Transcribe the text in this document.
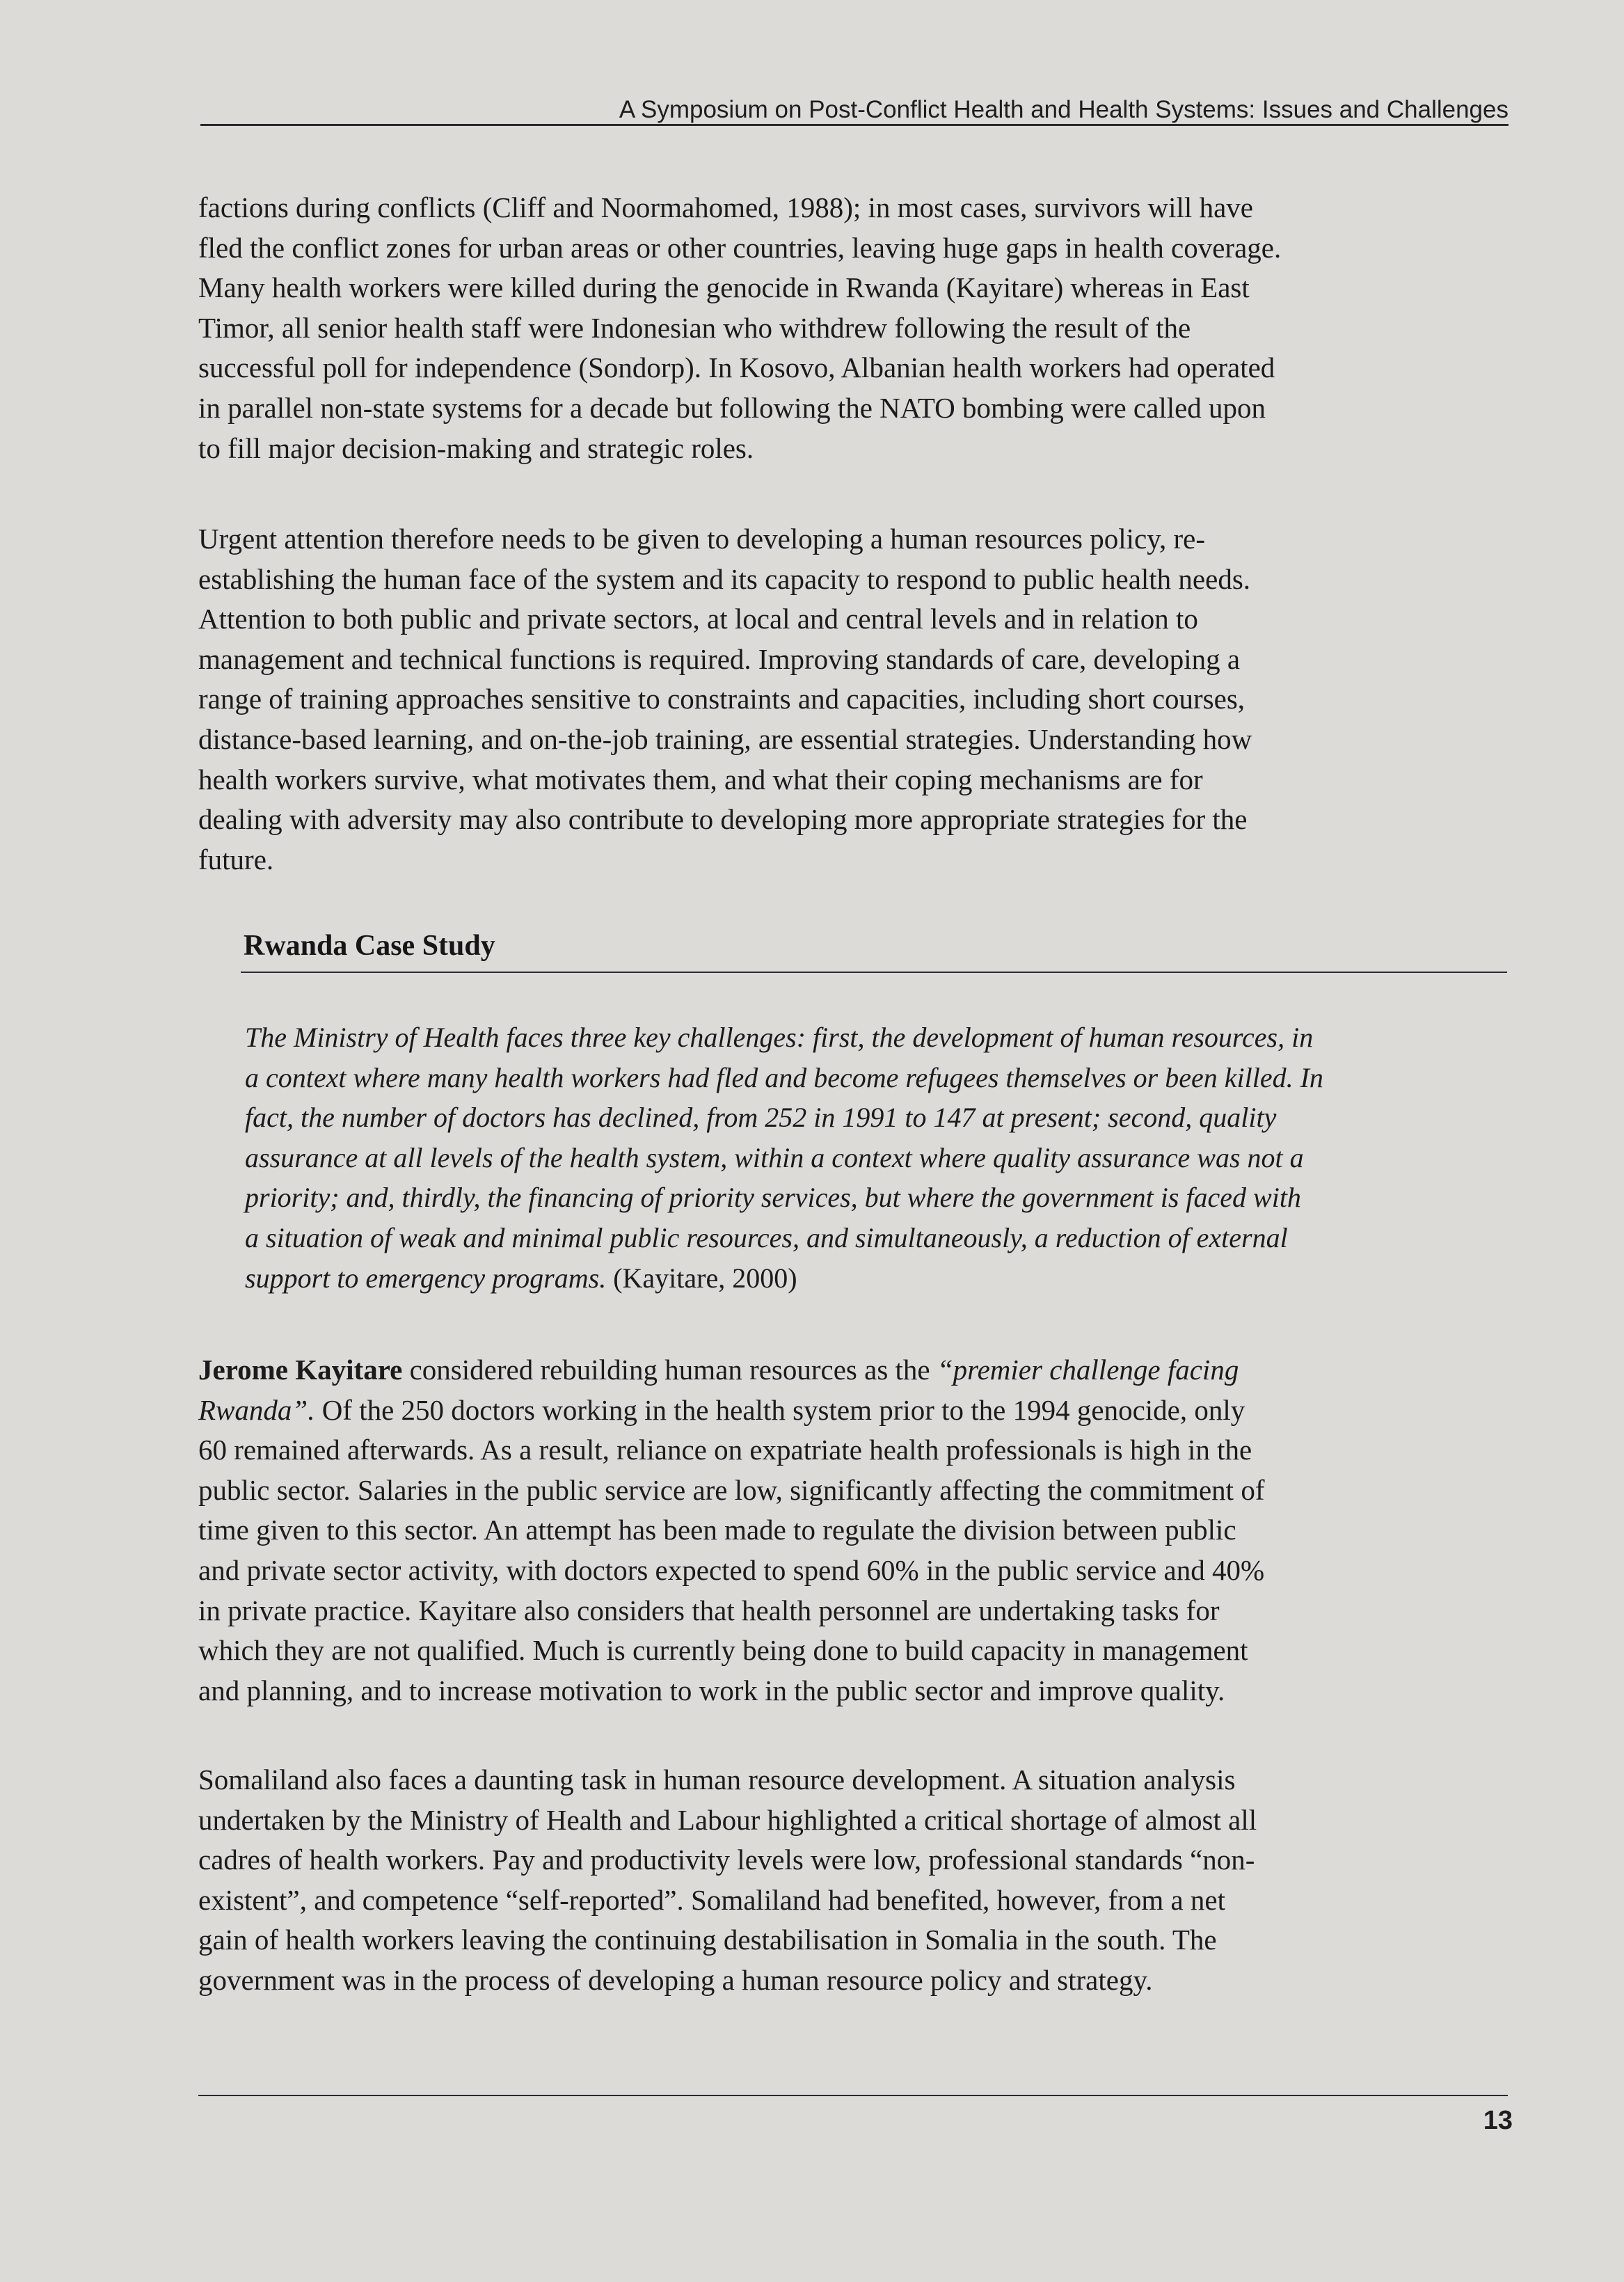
A Symposium on Post-Conflict Health and Health Systems: Issues and Challenges

factions during conflicts (Cliff and Noormahomed, 1988); in most cases, survivors will have
fled the conflict zones for urban areas or other countries, leaving huge gaps in health coverage.
Many health workers were killed during the genocide in Rwanda (Kayitare) whereas in East
Timor, all senior health staff were Indonesian who withdrew following the result of the
successful poll for independence (Sondorp). In Kosovo, Albanian health workers had operated
in parallel non-state systems for a decade but following the NATO bombing were called upon
to fill major decision-making and strategic roles.

Urgent attention therefore needs to be given to developing a human resources policy, re-
establishing the human face of the system and its capacity to respond to public health needs.
Attention to both public and private sectors, at local and central levels and in relation to
management and technical functions is required. Improving standards of care, developing a
range of training approaches sensitive to constraints and capacities, including short courses,
distance-based learning, and on-the-job training, are essential strategies. Understanding how
health workers survive, what motivates them, and what their coping mechanisms are for
dealing with adversity may also contribute to developing more appropriate strategies for the
future.

Rwanda Case Study

The Ministry of Health faces three key challenges: first, the development of human resources, in
a context where many health workers had fled and become refugees themselves or been killed. In
fact, the number of doctors has declined, from 252 in 1991 to 147 at present; second, quality
assurance at all levels of the health system, within a context where quality assurance was not a
priority; and, thirdly, the financing of priority services, but where the government is faced with
a situation of weak and minimal public resources, and simultaneously, a reduction of external
support to emergency programs. (Kayitare, 2000)

Jerome Kayitare considered rebuilding human resources as the “premier challenge facing
Rwanda”. Of the 250 doctors working in the health system prior to the 1994 genocide, only
60 remained afterwards. As a result, reliance on expatriate health professionals is high in the
public sector. Salaries in the public service are low, significantly affecting the commitment of
time given to this sector. An attempt has been made to regulate the division between public
and private sector activity, with doctors expected to spend 60% in the public service and 40%
in private practice. Kayitare also considers that health personnel are undertaking tasks for
which they are not qualified. Much is currently being done to build capacity in management
and planning, and to increase motivation to work in the public sector and improve quality.

Somaliland also faces a daunting task in human resource development. A situation analysis
undertaken by the Ministry of Health and Labour highlighted a critical shortage of almost all
cadres of health workers. Pay and productivity levels were low, professional standards “non-
existent”, and competence “self-reported”. Somaliland had benefited, however, from a net
gain of health workers leaving the continuing destabilisation in Somalia in the south. The
government was in the process of developing a human resource policy and strategy.

13
